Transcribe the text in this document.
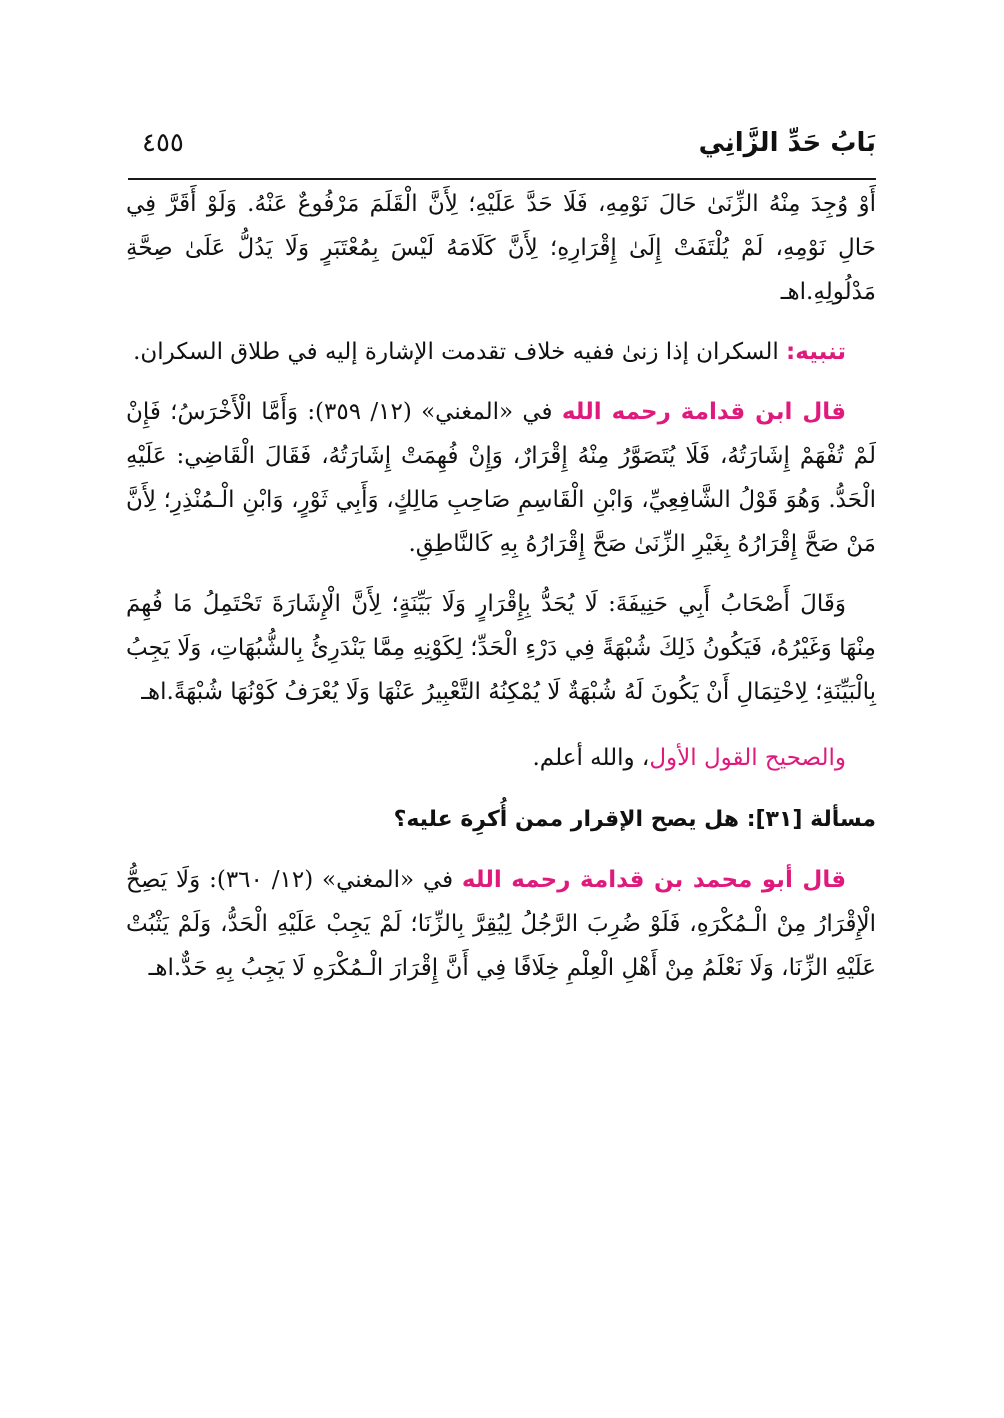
بَابُ حَدِّ الزَّانِي
٤٥٥

أَوْ وُجِدَ مِنْهُ الزِّنَىٰ حَالَ نَوْمِهِ، فَلَا حَدَّ عَلَيْهِ؛ لِأَنَّ الْقَلَمَ مَرْفُوعٌ عَنْهُ. وَلَوْ أَقَرَّ فِي حَالِ نَوْمِهِ، لَمْ يُلْتَفَتْ إِلَىٰ إِقْرَارِهِ؛ لِأَنَّ كَلَامَهُ لَيْسَ بِمُعْتَبَرٍ وَلَا يَدُلُّ عَلَىٰ صِحَّةِ مَدْلُولِهِ.اهـ

تنبيه: السكران إذا زنىٰ ففيه خلاف تقدمت الإشارة إليه في طلاق السكران.

قال ابن قدامة رحمه الله في «المغني» (١٢/ ٣٥٩): وَأَمَّا الْأَخْرَسُ؛ فَإِنْ لَمْ تُفْهَمْ إِشَارَتُهُ، فَلَا يُتَصَوَّرُ مِنْهُ إِقْرَارٌ، وَإِنْ فُهِمَتْ إِشَارَتُهُ، فَقَالَ الْقَاضِي: عَلَيْهِ الْحَدُّ. وَهُوَ قَوْلُ الشَّافِعِيِّ، وَابْنِ الْقَاسِمِ صَاحِبِ مَالِكٍ، وَأَبِي ثَوْرٍ، وَابْنِ الْـمُنْذِرِ؛ لِأَنَّ مَنْ صَحَّ إِقْرَارُهُ بِغَيْرِ الزِّنَىٰ صَحَّ إِقْرَارُهُ بِهِ كَالنَّاطِقِ.

وَقَالَ أَصْحَابُ أَبِي حَنِيفَةَ: لَا يُحَدُّ بِإِقْرَارٍ وَلَا بَيِّنَةٍ؛ لِأَنَّ الْإِشَارَةَ تَحْتَمِلُ مَا فُهِمَ مِنْهَا وَغَيْرُهُ، فَيَكُونُ ذَلِكَ شُبْهَةً فِي دَرْءِ الْحَدِّ؛ لِكَوْنِهِ مِمَّا يَنْدَرِئُ بِالشُّبُهَاتِ، وَلَا يَجِبُ بِالْبَيِّنَةِ؛ لِاحْتِمَالِ أَنْ يَكُونَ لَهُ شُبْهَةٌ لَا يُمْكِنُهُ التَّعْبِيرُ عَنْهَا وَلَا يُعْرَفُ كَوْنُهَا شُبْهَةً.اهـ

والصحيح القول الأول، والله أعلم.

مسألة [٣١]: هل يصح الإقرار ممن أُكرِهَ عليه؟

قال أبو محمد بن قدامة رحمه الله في «المغني» (١٢/ ٣٦٠): وَلَا يَصِحُّ الْإِقْرَارُ مِنْ الْـمُكْرَهِ، فَلَوْ ضُرِبَ الرَّجُلُ لِيُقِرَّ بِالزِّنَا؛ لَمْ يَجِبْ عَلَيْهِ الْحَدُّ، وَلَمْ يَثْبُتْ عَلَيْهِ الزِّنَا، وَلَا نَعْلَمُ مِنْ أَهْلِ الْعِلْمِ خِلَافًا فِي أَنَّ إِقْرَارَ الْـمُكْرَهِ لَا يَجِبُ بِهِ حَدٌّ.اهـ
